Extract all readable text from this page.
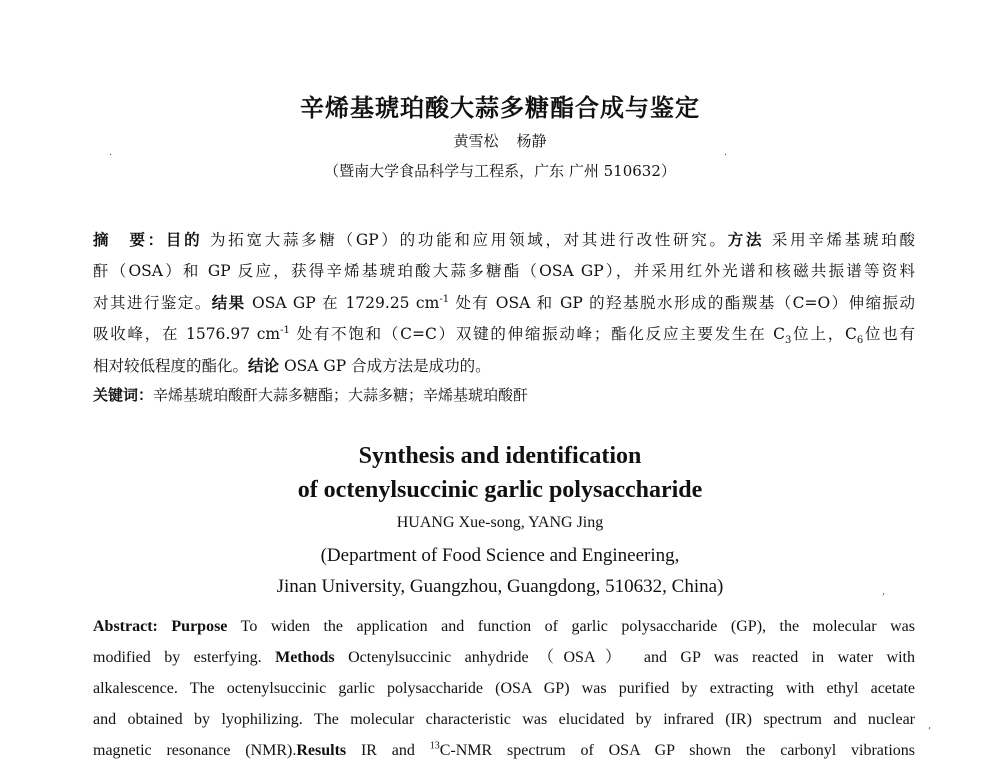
辛烯基琥珀酸大蒜多糖酯合成与鉴定
黄雪松 杨静
（暨南大学食品科学与工程系，广东 广州 510632）
摘　要：目的 为拓宽大蒜多糖（GP）的功能和应用领域，对其进行改性研究。方法 采用辛烯基琥珀酸
酐（OSA）和 GP 反应，获得辛烯基琥珀酸大蒜多糖酯（OSA GP），并采用红外光谱和核磁共振谱等资料
对其进行鉴定。结果 OSA GP 在 1729.25 $cm^{-1}$ 处有 OSA 和 GP 的羟基脱水形成的酯羰基（C=O）伸缩振动
吸收峰，在 1576.97 $cm^{-1}$ 处有不饱和（C=C）双键的伸缩振动峰；酯化反应主要发生在 $C_3$位上，$C_6$位也有
相对较低程度的酯化。结论 OSA GP 合成方法是成功的。
关键词：辛烯基琥珀酸酐大蒜多糖酯；大蒜多糖；辛烯基琥珀酸酐
Synthesis and identification
of octenylsuccinic garlic polysaccharide
HUANG Xue-song, YANG Jing
(Department of Food Science and Engineering,
Jinan University, Guangzhou, Guangdong, 510632, China)
Abstract: Purpose To widen the application and function of garlic polysaccharide (GP), the molecular was
modified by esterfying. Methods Octenylsuccinic anhydride（OSA） and GP was reacted in water with
alkalescence. The octenylsuccinic garlic polysaccharide (OSA GP) was purified by extracting with ethyl acetate
and obtained by lyophilizing. The molecular characteristic was elucidated by infrared (IR) spectrum and nuclear
magnetic resonance (NMR).Results IR and $^{13}$C-NMR spectrum of OSA GP shown the carbonyl vibrations
·	·
,
,
